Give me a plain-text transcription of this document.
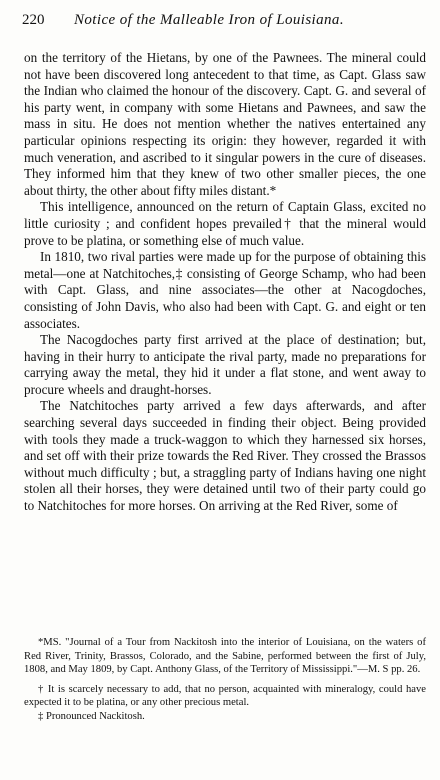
220 Notice of the Malleable Iron of Louisiana.

on the territory of the Hietans, by one of the Pawnees. The mineral could not have been discovered long antecedent to that time, as Capt. Glass saw the Indian who claimed the honour of the discovery. Capt. G. and several of his party went, in company with some Hietans and Pawnees, and saw the mass in situ. He does not mention whether the natives entertained any particular opinions respecting its origin: they however, regarded it with much veneration, and ascribed to it singular powers in the cure of diseases. They informed him that they knew of two other smaller pieces, the one about thirty, the other about fifty miles distant.*

This intelligence, announced on the return of Captain Glass, excited no little curiosity ; and confident hopes prevailed† that the mineral would prove to be platina, or something else of much value.

In 1810, two rival parties were made up for the purpose of obtaining this metal—one at Natchitoches,‡ consisting of George Schamp, who had been with Capt. Glass, and nine associates—the other at Nacogdoches, consisting of John Davis, who also had been with Capt. G. and eight or ten associates.

The Nacogdoches party first arrived at the place of destination; but, having in their hurry to anticipate the rival party, made no preparations for carrying away the metal, they hid it under a flat stone, and went away to procure wheels and draught-horses.

The Natchitoches party arrived a few days afterwards, and after searching several days succeeded in finding their object. Being provided with tools they made a truck-waggon to which they harnessed six horses, and set off with their prize towards the Red River. They crossed the Brassos without much difficulty ; but, a straggling party of Indians having one night stolen all their horses, they were detained until two of their party could go to Natchitoches for more horses. On arriving at the Red River, some of

*MS. "Journal of a Tour from Nackitosh into the interior of Louisiana, on the waters of Red River, Trinity, Brassos, Colorado, and the Sabine, performed between the first of July, 1808, and May 1809, by Capt. Anthony Glass, of the Territory of Mississippi."—M. S pp. 26.

† It is scarcely necessary to add, that no person, acquainted with mineralogy, could have expected it to be platina, or any other precious metal.

‡ Pronounced Nackitosh.
